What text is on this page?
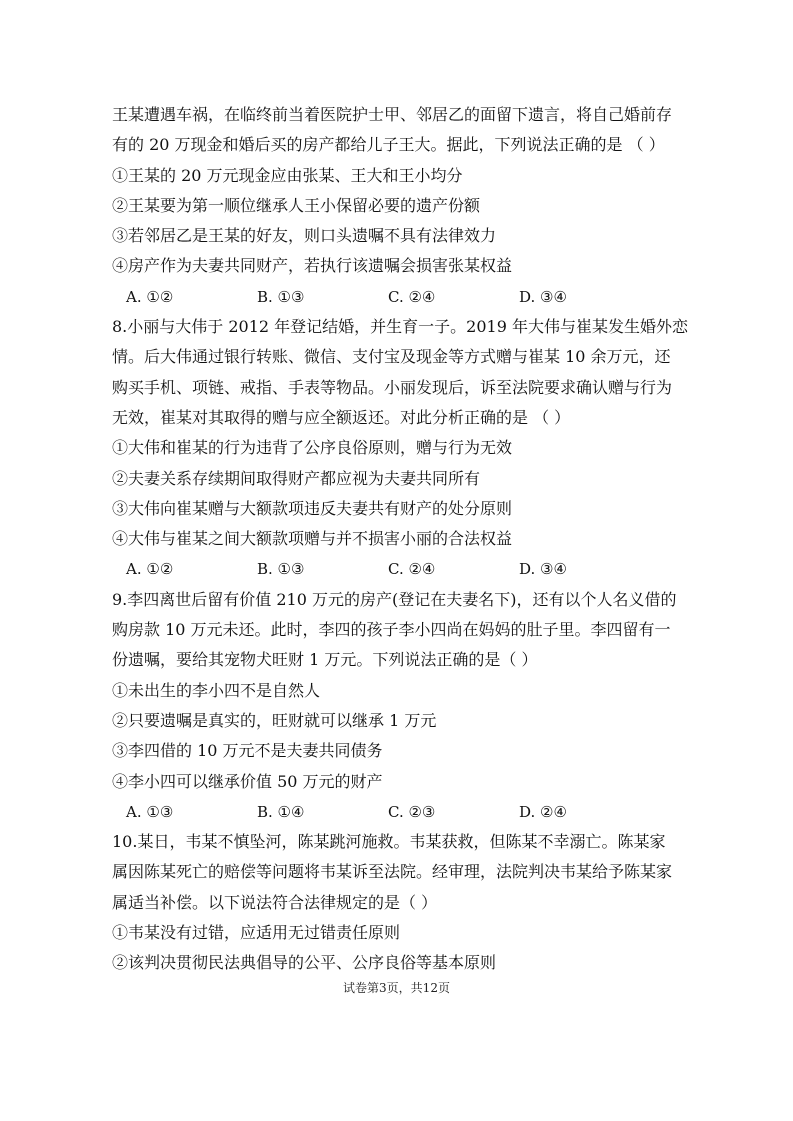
王某遭遇车祸，在临终前当着医院护士甲、邻居乙的面留下遗言，将自己婚前存
有的 20 万现金和婚后买的房产都给儿子王大。据此，下列说法正确的是 （ ）
①王某的 20 万元现金应由张某、王大和王小均分
②王某要为第一顺位继承人王小保留必要的遗产份额
③若邻居乙是王某的好友，则口头遗嘱不具有法律效力
④房产作为夫妻共同财产，若执行该遗嘱会损害张某权益
A. ①②	B. ①③	C. ②④	D. ③④
8.小丽与大伟于 2012 年登记结婚，并生育一子。2019 年大伟与崔某发生婚外恋
情。后大伟通过银行转账、微信、支付宝及现金等方式赠与崔某 10 余万元，还
购买手机、项链、戒指、手表等物品。小丽发现后，诉至法院要求确认赠与行为
无效，崔某对其取得的赠与应全额返还。对此分析正确的是 （ ）
①大伟和崔某的行为违背了公序良俗原则，赠与行为无效
②夫妻关系存续期间取得财产都应视为夫妻共同所有
③大伟向崔某赠与大额款项违反夫妻共有财产的处分原则
④大伟与崔某之间大额款项赠与并不损害小丽的合法权益
A. ①②	B. ①③	C. ②④	D. ③④
9.李四离世后留有价值 210 万元的房产(登记在夫妻名下)，还有以个人名义借的
购房款 10 万元未还。此时，李四的孩子李小四尚在妈妈的肚子里。李四留有一
份遗嘱，要给其宠物犬旺财 1 万元。下列说法正确的是（ ）
①未出生的李小四不是自然人
②只要遗嘱是真实的，旺财就可以继承 1 万元
③李四借的 10 万元不是夫妻共同债务
④李小四可以继承价值 50 万元的财产
A. ①③	B. ①④	C. ②③	D. ②④
10.某日，韦某不慎坠河，陈某跳河施救。韦某获救，但陈某不幸溺亡。陈某家
属因陈某死亡的赔偿等问题将韦某诉至法院。经审理，法院判决韦某给予陈某家
属适当补偿。以下说法符合法律规定的是（ ）
①韦某没有过错，应适用无过错责任原则
②该判决贯彻民法典倡导的公平、公序良俗等基本原则
试卷第3页，共12页
